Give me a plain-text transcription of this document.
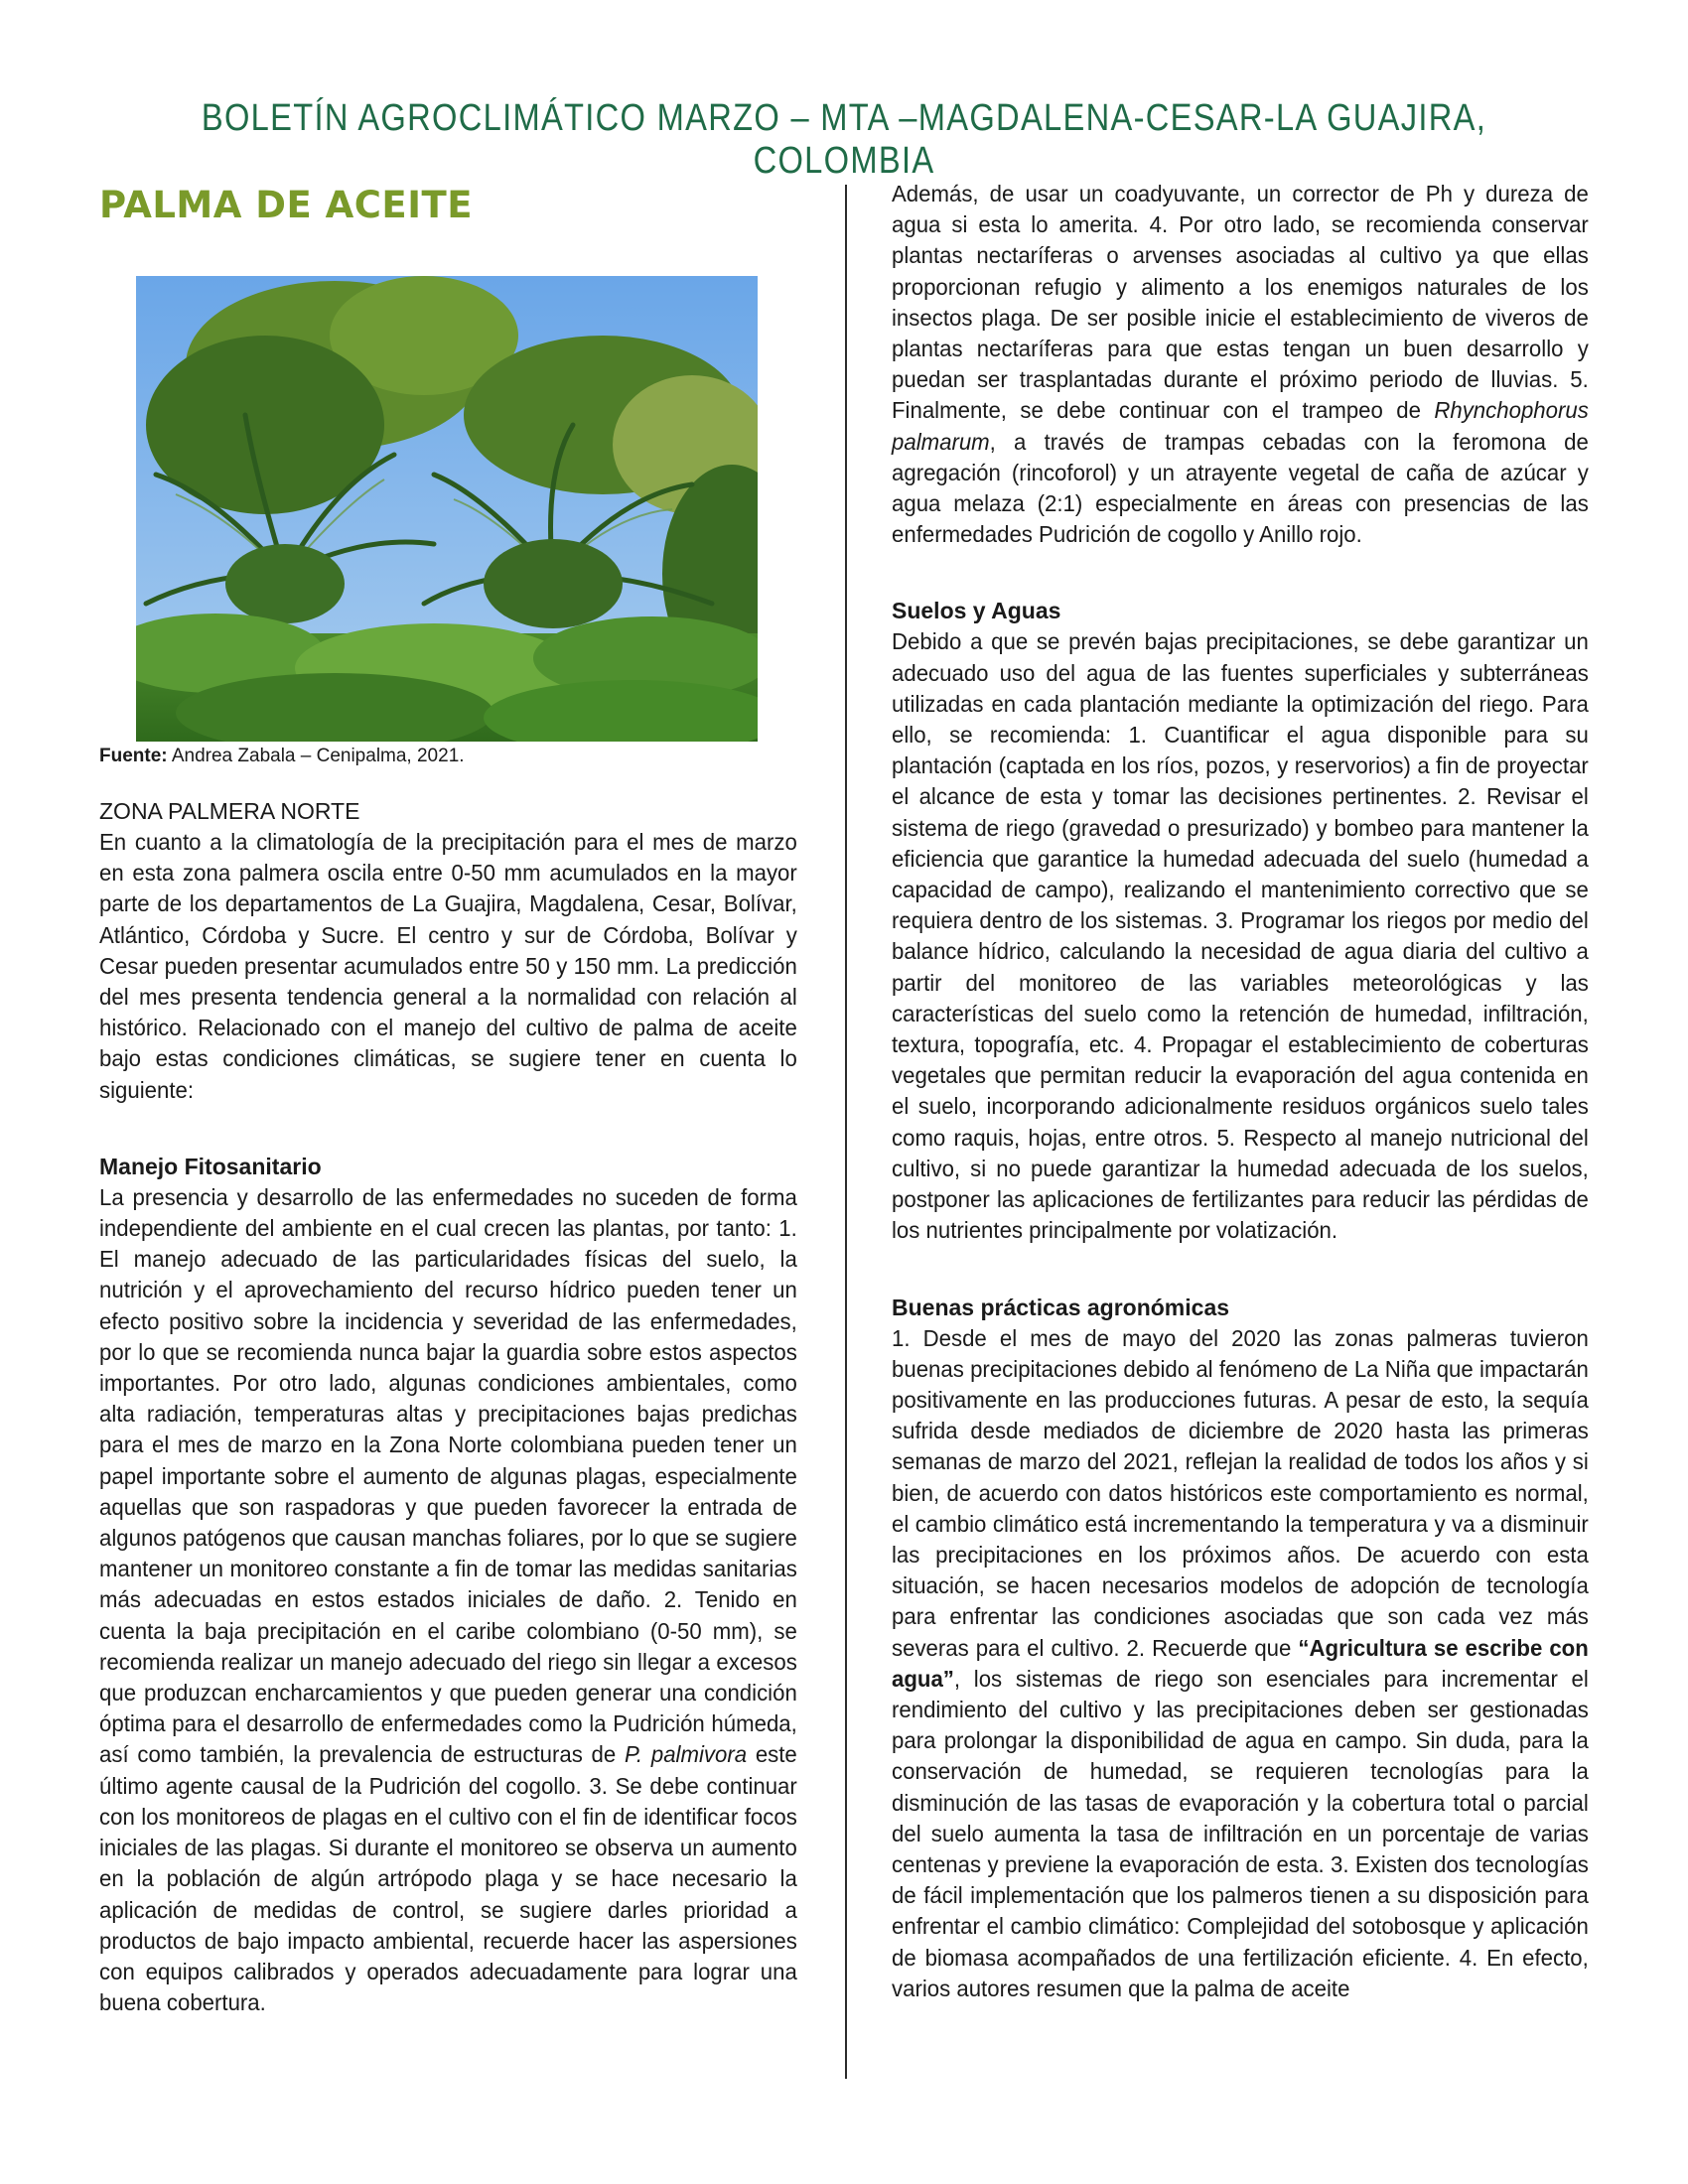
BOLETÍN AGROCLIMÁTICO MARZO – MTA –MAGDALENA-CESAR-LA GUAJIRA, COLOMBIA
PALMA DE ACEITE
Fuente: Andrea Zabala – Cenipalma, 2021.

ZONA PALMERA NORTE

En cuanto a la climatología de la precipitación para el mes de marzo en esta zona palmera oscila entre 0-50 mm acumulados en la mayor parte de los departamentos de La Guajira, Magdalena, Cesar, Bolívar, Atlántico, Córdoba y Sucre. El centro y sur de Córdoba, Bolívar y Cesar pueden presentar acumulados entre 50 y 150 mm. La predicción del mes presenta tendencia general a la normalidad con relación al histórico. Relacionado con el manejo del cultivo de palma de aceite bajo estas condiciones climáticas, se sugiere tener en cuenta lo siguiente:

Manejo Fitosanitario

La presencia y desarrollo de las enfermedades no suceden de forma independiente del ambiente en el cual crecen las plantas, por tanto: 1. El manejo adecuado de las particularidades físicas del suelo, la nutrición y el aprovechamiento del recurso hídrico pueden tener un efecto positivo sobre la incidencia y severidad de las enfermedades, por lo que se recomienda nunca bajar la guardia sobre estos aspectos importantes. Por otro lado, algunas condiciones ambientales, como alta radiación, temperaturas altas y precipitaciones bajas predichas para el mes de marzo en la Zona Norte colombiana pueden tener un papel importante sobre el aumento de algunas plagas, especialmente aquellas que son raspadoras y que pueden favorecer la entrada de algunos patógenos que causan manchas foliares, por lo que se sugiere mantener un monitoreo constante a fin de tomar las medidas sanitarias más adecuadas en estos estados iniciales de daño. 2. Tenido en cuenta la baja precipitación en el caribe colombiano (0-50 mm), se recomienda realizar un manejo adecuado del riego sin llegar a excesos que produzcan encharcamientos y que pueden generar una condición óptima para el desarrollo de enfermedades como la Pudrición húmeda, así como también, la prevalencia de estructuras de P. palmivora este último agente causal de la Pudrición del cogollo. 3. Se debe continuar con los monitoreos de plagas en el cultivo con el fin de identificar focos iniciales de las plagas. Si durante el monitoreo se observa un aumento en la población de algún artrópodo plaga y se hace necesario la aplicación de medidas de control, se sugiere darles prioridad a productos de bajo impacto ambiental, recuerde hacer las aspersiones con equipos calibrados y operados adecuadamente para lograr una buena cobertura.

Además, de usar un coadyuvante, un corrector de Ph y dureza de agua si esta lo amerita. 4. Por otro lado, se recomienda conservar plantas nectaríferas o arvenses asociadas al cultivo ya que ellas proporcionan refugio y alimento a los enemigos naturales de los insectos plaga. De ser posible inicie el establecimiento de viveros de plantas nectaríferas para que estas tengan un buen desarrollo y puedan ser trasplantadas durante el próximo periodo de lluvias. 5. Finalmente, se debe continuar con el trampeo de Rhynchophorus palmarum, a través de trampas cebadas con la feromona de agregación (rincoforol) y un atrayente vegetal de caña de azúcar y agua melaza (2:1) especialmente en áreas con presencias de las enfermedades Pudrición de cogollo y Anillo rojo.

Suelos y Aguas

Debido a que se prevén bajas precipitaciones, se debe garantizar un adecuado uso del agua de las fuentes superficiales y subterráneas utilizadas en cada plantación mediante la optimización del riego. Para ello, se recomienda: 1. Cuantificar el agua disponible para su plantación (captada en los ríos, pozos, y reservorios) a fin de proyectar el alcance de esta y tomar las decisiones pertinentes. 2. Revisar el sistema de riego (gravedad o presurizado) y bombeo para mantener la eficiencia que garantice la humedad adecuada del suelo (humedad a capacidad de campo), realizando el mantenimiento correctivo que se requiera dentro de los sistemas. 3. Programar los riegos por medio del balance hídrico, calculando la necesidad de agua diaria del cultivo a partir del monitoreo de las variables meteorológicas y las características del suelo como la retención de humedad, infiltración, textura, topografía, etc. 4. Propagar el establecimiento de coberturas vegetales que permitan reducir la evaporación del agua contenida en el suelo, incorporando adicionalmente residuos orgánicos suelo tales como raquis, hojas, entre otros. 5. Respecto al manejo nutricional del cultivo, si no puede garantizar la humedad adecuada de los suelos, postponer las aplicaciones de fertilizantes para reducir las pérdidas de los nutrientes principalmente por volatización.

Buenas prácticas agronómicas

1. Desde el mes de mayo del 2020 las zonas palmeras tuvieron buenas precipitaciones debido al fenómeno de La Niña que impactarán positivamente en las producciones futuras. A pesar de esto, la sequía sufrida desde mediados de diciembre de 2020 hasta las primeras semanas de marzo del 2021, reflejan la realidad de todos los años y si bien, de acuerdo con datos históricos este comportamiento es normal, el cambio climático está incrementando la temperatura y va a disminuir las precipitaciones en los próximos años. De acuerdo con esta situación, se hacen necesarios modelos de adopción de tecnología para enfrentar las condiciones asociadas que son cada vez más severas para el cultivo. 2. Recuerde que “Agricultura se escribe con agua”, los sistemas de riego son esenciales para incrementar el rendimiento del cultivo y las precipitaciones deben ser gestionadas para prolongar la disponibilidad de agua en campo. Sin duda, para la conservación de humedad, se requieren tecnologías para la disminución de las tasas de evaporación y la cobertura total o parcial del suelo aumenta la tasa de infiltración en un porcentaje de varias centenas y previene la evaporación de esta. 3. Existen dos tecnologías de fácil implementación que los palmeros tienen a su disposición para enfrentar el cambio climático: Complejidad del sotobosque y aplicación de biomasa acompañados de una fertilización eficiente. 4. En efecto, varios autores resumen que la palma de aceite
